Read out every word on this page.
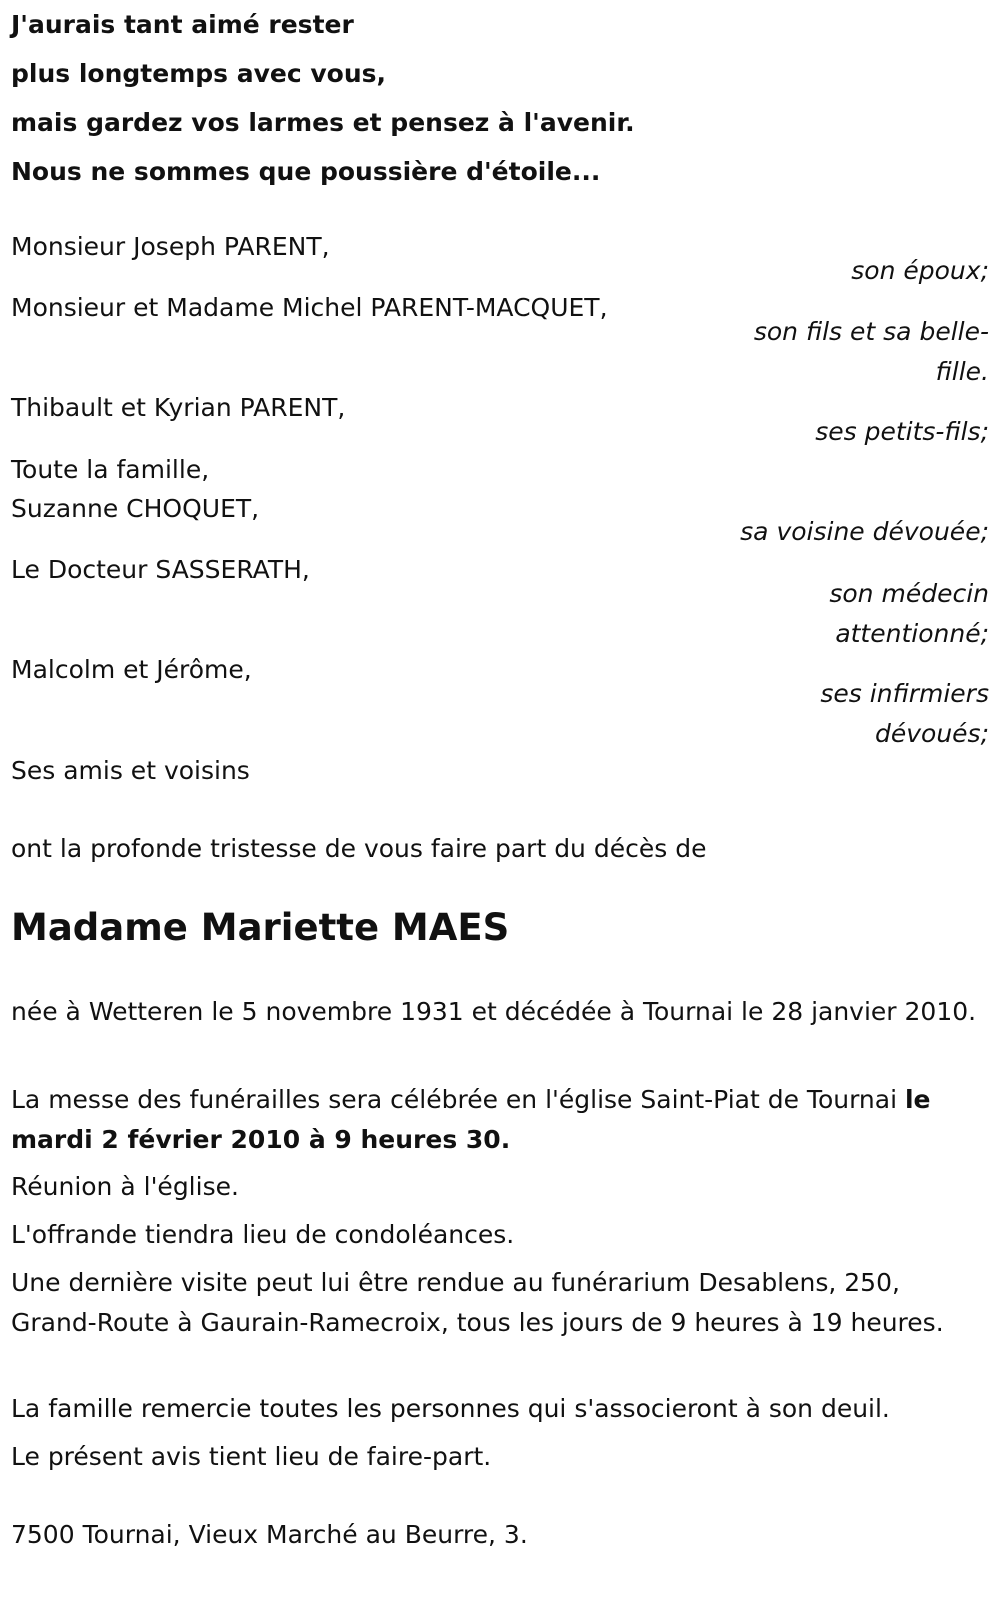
J'aurais tant aimé rester
plus longtemps avec vous,
mais gardez vos larmes et pensez à l'avenir.
Nous ne sommes que poussière d'étoile...
Monsieur Joseph PARENT,
son époux;
Monsieur et Madame Michel PARENT-MACQUET,
son fils et sa belle-
fille.
Thibault et Kyrian PARENT,
ses petits-fils;
Toute la famille,
Suzanne CHOQUET,
sa voisine dévouée;
Le Docteur SASSERATH,
son médecin
attentionné;
Malcolm et Jérôme,
ses infirmiers
dévoués;
Ses amis et voisins
ont la profonde tristesse de vous faire part du décès de
Madame Mariette MAES
née à Wetteren le 5 novembre 1931 et décédée à Tournai le 28 janvier 2010.
La messe des funérailles sera célébrée en l'église Saint-Piat de Tournai le mardi 2 février 2010 à 9 heures 30.
Réunion à l'église.
L'offrande tiendra lieu de condoléances.
Une dernière visite peut lui être rendue au funérarium Desablens, 250, Grand-Route à Gaurain-Ramecroix, tous les jours de 9 heures à 19 heures.
La famille remercie toutes les personnes qui s'associeront à son deuil.
Le présent avis tient lieu de faire-part.
7500 Tournai, Vieux Marché au Beurre, 3.
